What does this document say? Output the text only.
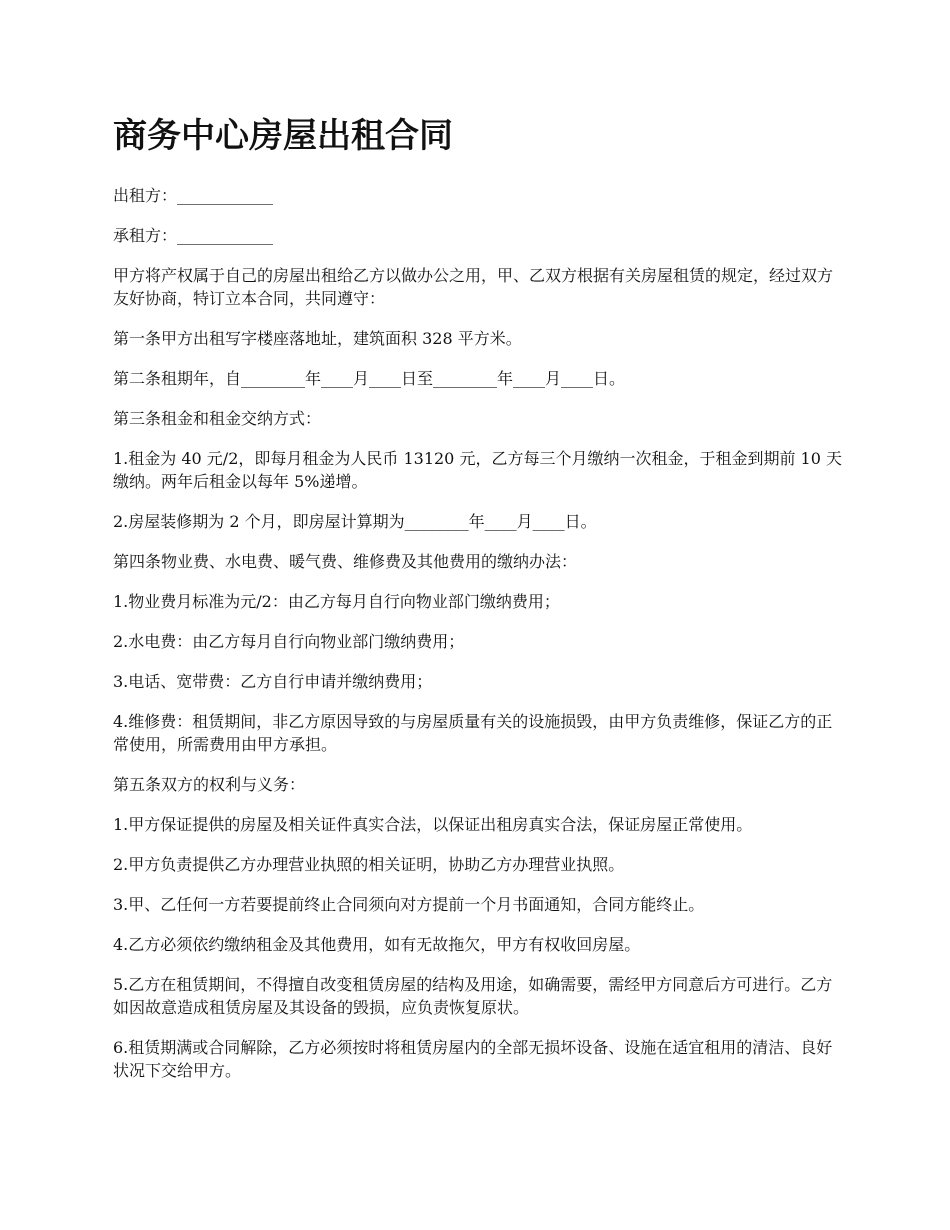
商务中心房屋出租合同

出租方：____________

承租方：____________

甲方将产权属于自己的房屋出租给乙方以做办公之用，甲、乙双方根据有关房屋租赁的规定，经过双方友好协商，特订立本合同，共同遵守：

第一条甲方出租写字楼座落地址，建筑面积 328 平方米。

第二条租期年，自________年____月____日至________年____月____日。

第三条租金和租金交纳方式：

1.租金为 40 元/2，即每月租金为人民币 13120 元，乙方每三个月缴纳一次租金，于租金到期前 10 天缴纳。两年后租金以每年 5%递增。

2.房屋装修期为 2 个月，即房屋计算期为________年____月____日。

第四条物业费、水电费、暖气费、维修费及其他费用的缴纳办法：

1.物业费月标准为元/2：由乙方每月自行向物业部门缴纳费用；

2.水电费：由乙方每月自行向物业部门缴纳费用；

3.电话、宽带费：乙方自行申请并缴纳费用；

4.维修费：租赁期间，非乙方原因导致的与房屋质量有关的设施损毁，由甲方负责维修，保证乙方的正常使用，所需费用由甲方承担。

第五条双方的权利与义务：

1.甲方保证提供的房屋及相关证件真实合法，以保证出租房真实合法，保证房屋正常使用。

2.甲方负责提供乙方办理营业执照的相关证明，协助乙方办理营业执照。

3.甲、乙任何一方若要提前终止合同须向对方提前一个月书面通知，合同方能终止。

4.乙方必须依约缴纳租金及其他费用，如有无故拖欠，甲方有权收回房屋。

5.乙方在租赁期间，不得擅自改变租赁房屋的结构及用途，如确需要，需经甲方同意后方可进行。乙方如因故意造成租赁房屋及其设备的毁损，应负责恢复原状。

6.租赁期满或合同解除，乙方必须按时将租赁房屋内的全部无损坏设备、设施在适宜租用的清洁、良好状况下交给甲方。
